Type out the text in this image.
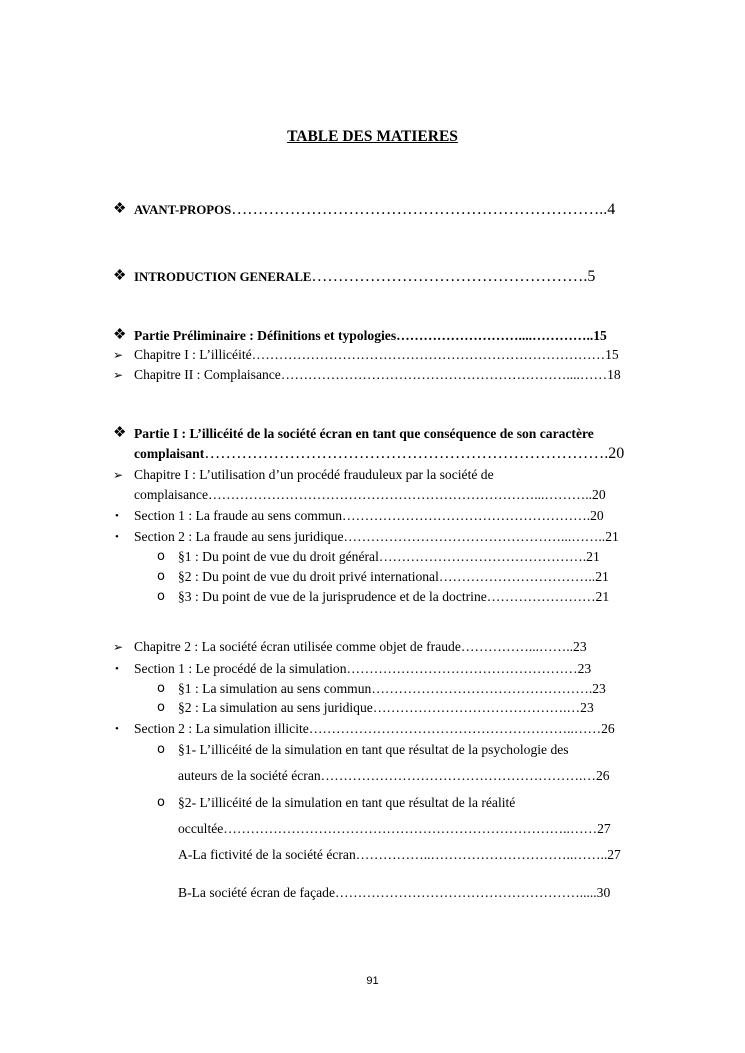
TABLE DES MATIERES
❖ AVANT-PROPOS……………………………………………………………..4
❖ INTRODUCTION GENERALE…………………………………………….5
❖ Partie Préliminaire : Définitions et typologies………………………....…………..15
➢ Chapitre I : L’illicéité……………………………………………………………………15
➢ Chapitre II : Complaisance………………………………………………………....……18
❖ Partie I : L’illicéité de la société écran en tant que conséquence de son caractère
complaisant………………………………………………………………….20
➢ Chapitre I : L’utilisation d’un procédé frauduleux par la société de
complaisance………………………………………………………………...………..20
• Section 1 : La fraude au sens commun……………………………………………….20
• Section 2 : La fraude au sens juridique…………………………………………...……..21
o §1 : Du point de vue du droit général……………………………………….21
o §2 : Du point de vue du droit privé international……………………………..21
o §3 : Du point de vue de la jurisprudence et de la doctrine……………………21
➢ Chapitre 2 : La société écran utilisée comme objet de fraude……………...……..23
• Section 1 : Le procédé de la simulation……………………………………………23
o §1 : La simulation au sens commun………………………………………….23
o §2 : La simulation au sens juridique…………………………………….…23
• Section 2 : La simulation illicite…………………………………………………..……26
o §1- L’illicéité de la simulation en tant que résultat de la psychologie des
auteurs de la société écran………………………………………………….…26
o §2- L’illicéité de la simulation en tant que résultat de la réalité
occultée…………………………………………………………………..……27
A-La fictivité de la société écran……………..…………………………..……..27
B-La société écran de façade……………………………………………….....30
91
